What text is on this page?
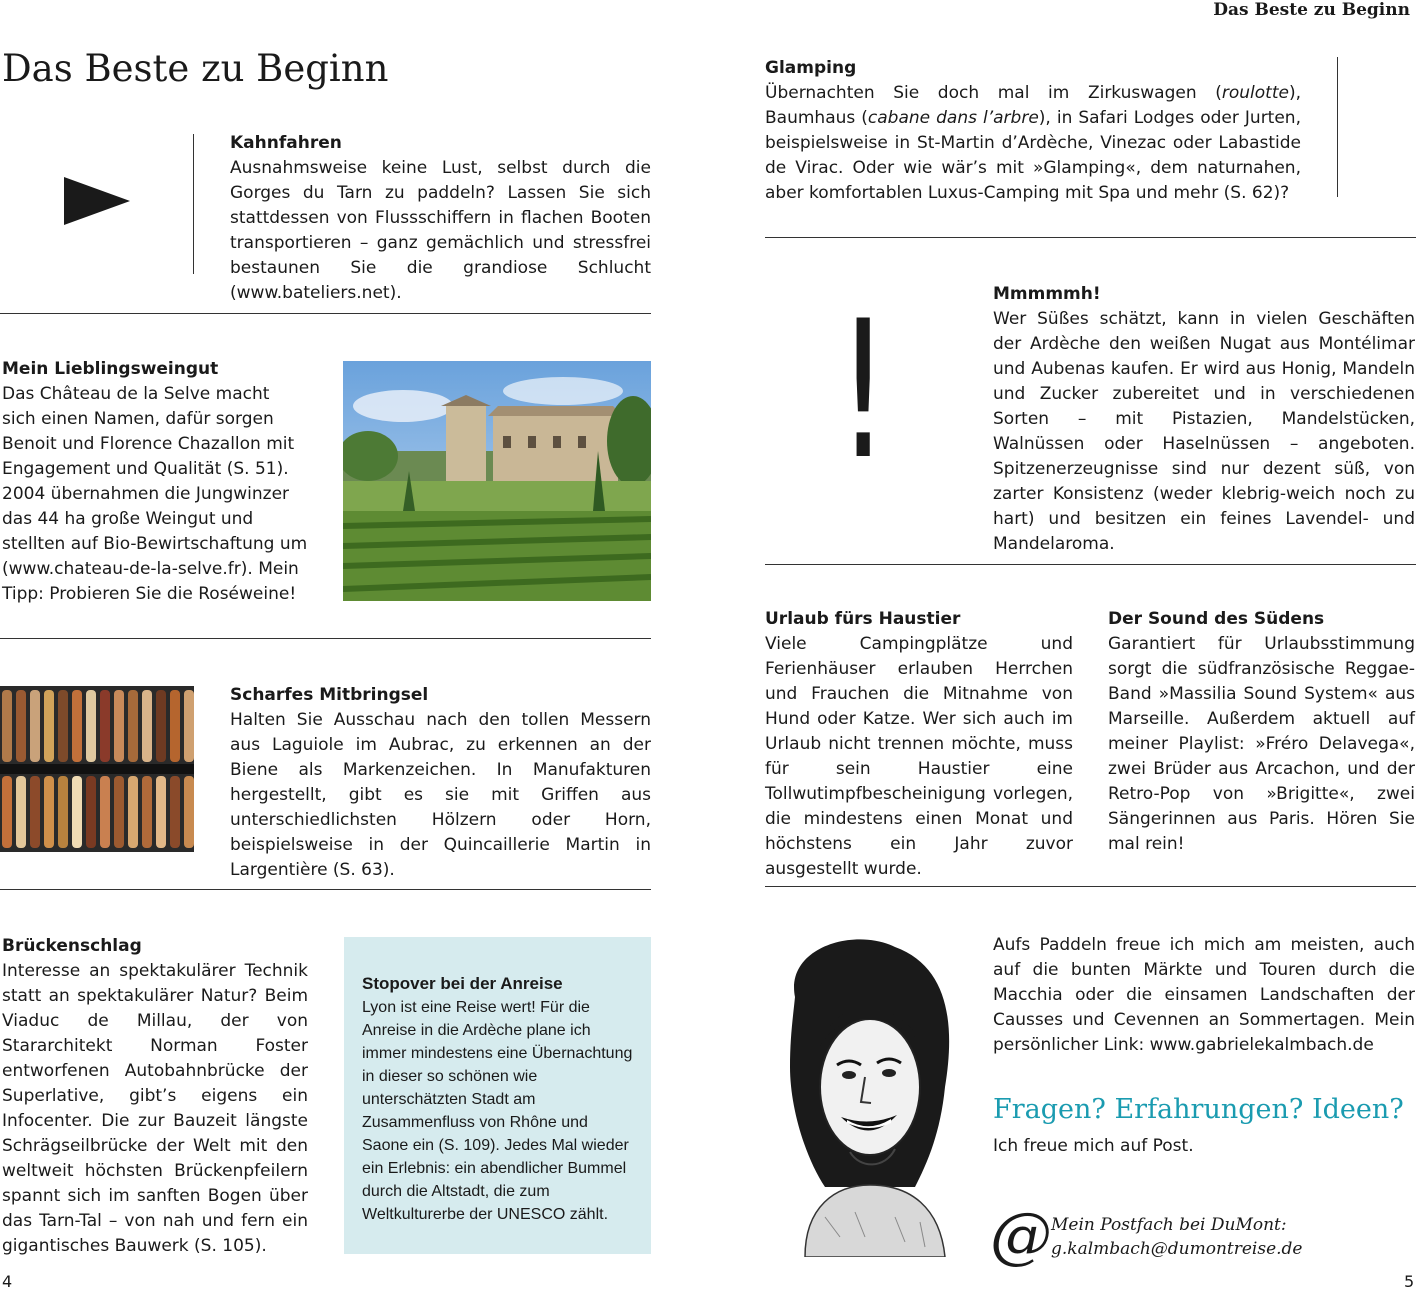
Das Beste zu Beginn
Das Beste zu Beginn
Kahnfahren

Ausnahmsweise keine Lust, selbst durch die Gorges du Tarn zu paddeln? Lassen Sie sich stattdessen von Flussschiffern in flachen Booten transportieren – ganz gemächlich und stressfrei bestaunen Sie die grandiose Schlucht (www.bateliers.net).

Mein Lieblingsweingut

Das Château de la Selve macht sich einen Namen, dafür sorgen Benoit und Florence Chazallon mit Engagement und Qualität (S. 51). 2004 übernahmen die Jungwinzer das 44 ha große Weingut und stellten auf Bio-Bewirtschaftung um (www.chateau-de-la-selve.fr). Mein Tipp: Probieren Sie die Roséweine!

Scharfes Mitbringsel

Halten Sie Ausschau nach den tollen Messern aus Laguiole im Aubrac, zu erkennen an der Biene als Markenzeichen. In Manufakturen hergestellt, gibt es sie mit Griffen aus unterschiedlichsten Hölzern oder Horn, beispielsweise in der Quincaillerie Martin in Largentière (S. 63).

Brückenschlag

Interesse an spektakulärer Technik statt an spektakulärer Natur? Beim Viaduc de Millau, der von Stararchitekt Norman Foster entworfenen Autobahnbrücke der Superlative, gibt’s eigens ein Infocenter. Die zur Bauzeit längste Schrägseilbrücke der Welt mit den weltweit höchsten Brückenpfeilern spannt sich im sanften Bogen über das Tarn-Tal – von nah und fern ein gigantisches Bauwerk (S. 105).

Stopover bei der Anreise

Lyon ist eine Reise wert! Für die Anreise in die Ardèche plane ich immer mindestens eine Übernachtung in dieser so schönen wie unterschätzten Stadt am Zusammenfluss von Rhône und Saone ein (S. 109). Jedes Mal wieder ein Erlebnis: ein abendlicher Bummel durch die Altstadt, die zum Weltkulturerbe der UNESCO zählt.

4
Glamping

Übernachten Sie doch mal im Zirkuswagen (roulotte), Baumhaus (cabane dans l’arbre), in Safari Lodges oder Jurten, beispielsweise in St-Martin d’Ardèche, Vinezac oder Labastide de Virac. Oder wie wär’s mit »Glamping«, dem naturnahen, aber komfortablen Luxus-Camping mit Spa und mehr (S. 62)?

!	Mmmmmh!

Wer Süßes schätzt, kann in vielen Geschäften der Ardèche den weißen Nugat aus Montélimar und Aubenas kaufen. Er wird aus Honig, Mandeln und Zucker zubereitet und in verschiedenen Sorten – mit Pistazien, Mandelstücken, Walnüssen oder Haselnüssen – angeboten. Spitzenerzeugnisse sind nur dezent süß, von zarter Konsistenz (weder klebrig-weich noch zu hart) und besitzen ein feines Lavendel- und Mandelaroma.

Urlaub fürs Haustier

Viele Campingplätze und Ferienhäuser erlauben Herrchen und Frauchen die Mitnahme von Hund oder Katze. Wer sich auch im Urlaub nicht trennen möchte, muss für sein Haustier eine Tollwutimpfbescheinigung vorlegen, die mindestens einen Monat und höchstens ein Jahr zuvor ausgestellt wurde.

Der Sound des Südens

Garantiert für Urlaubsstimmung sorgt die südfranzösische Reggae-Band »Massilia Sound System« aus Marseille. Außerdem aktuell auf meiner Playlist: »Fréro Delavega«, zwei Brüder aus Arcachon, und der Retro-Pop von »Brigitte«, zwei Sängerinnen aus Paris. Hören Sie mal rein!

Aufs Paddeln freue ich mich am meisten, auch auf die bunten Märkte und Touren durch die Macchia oder die einsamen Landschaften der Causses und Cevennen an Sommertagen. Mein persönlicher Link: www.gabrielekalmbach.de

Fragen? Erfahrungen? Ideen?
Ich freue mich auf Post.
@ Mein Postfach bei DuMont:
g.kalmbach@dumontreise.de
5
